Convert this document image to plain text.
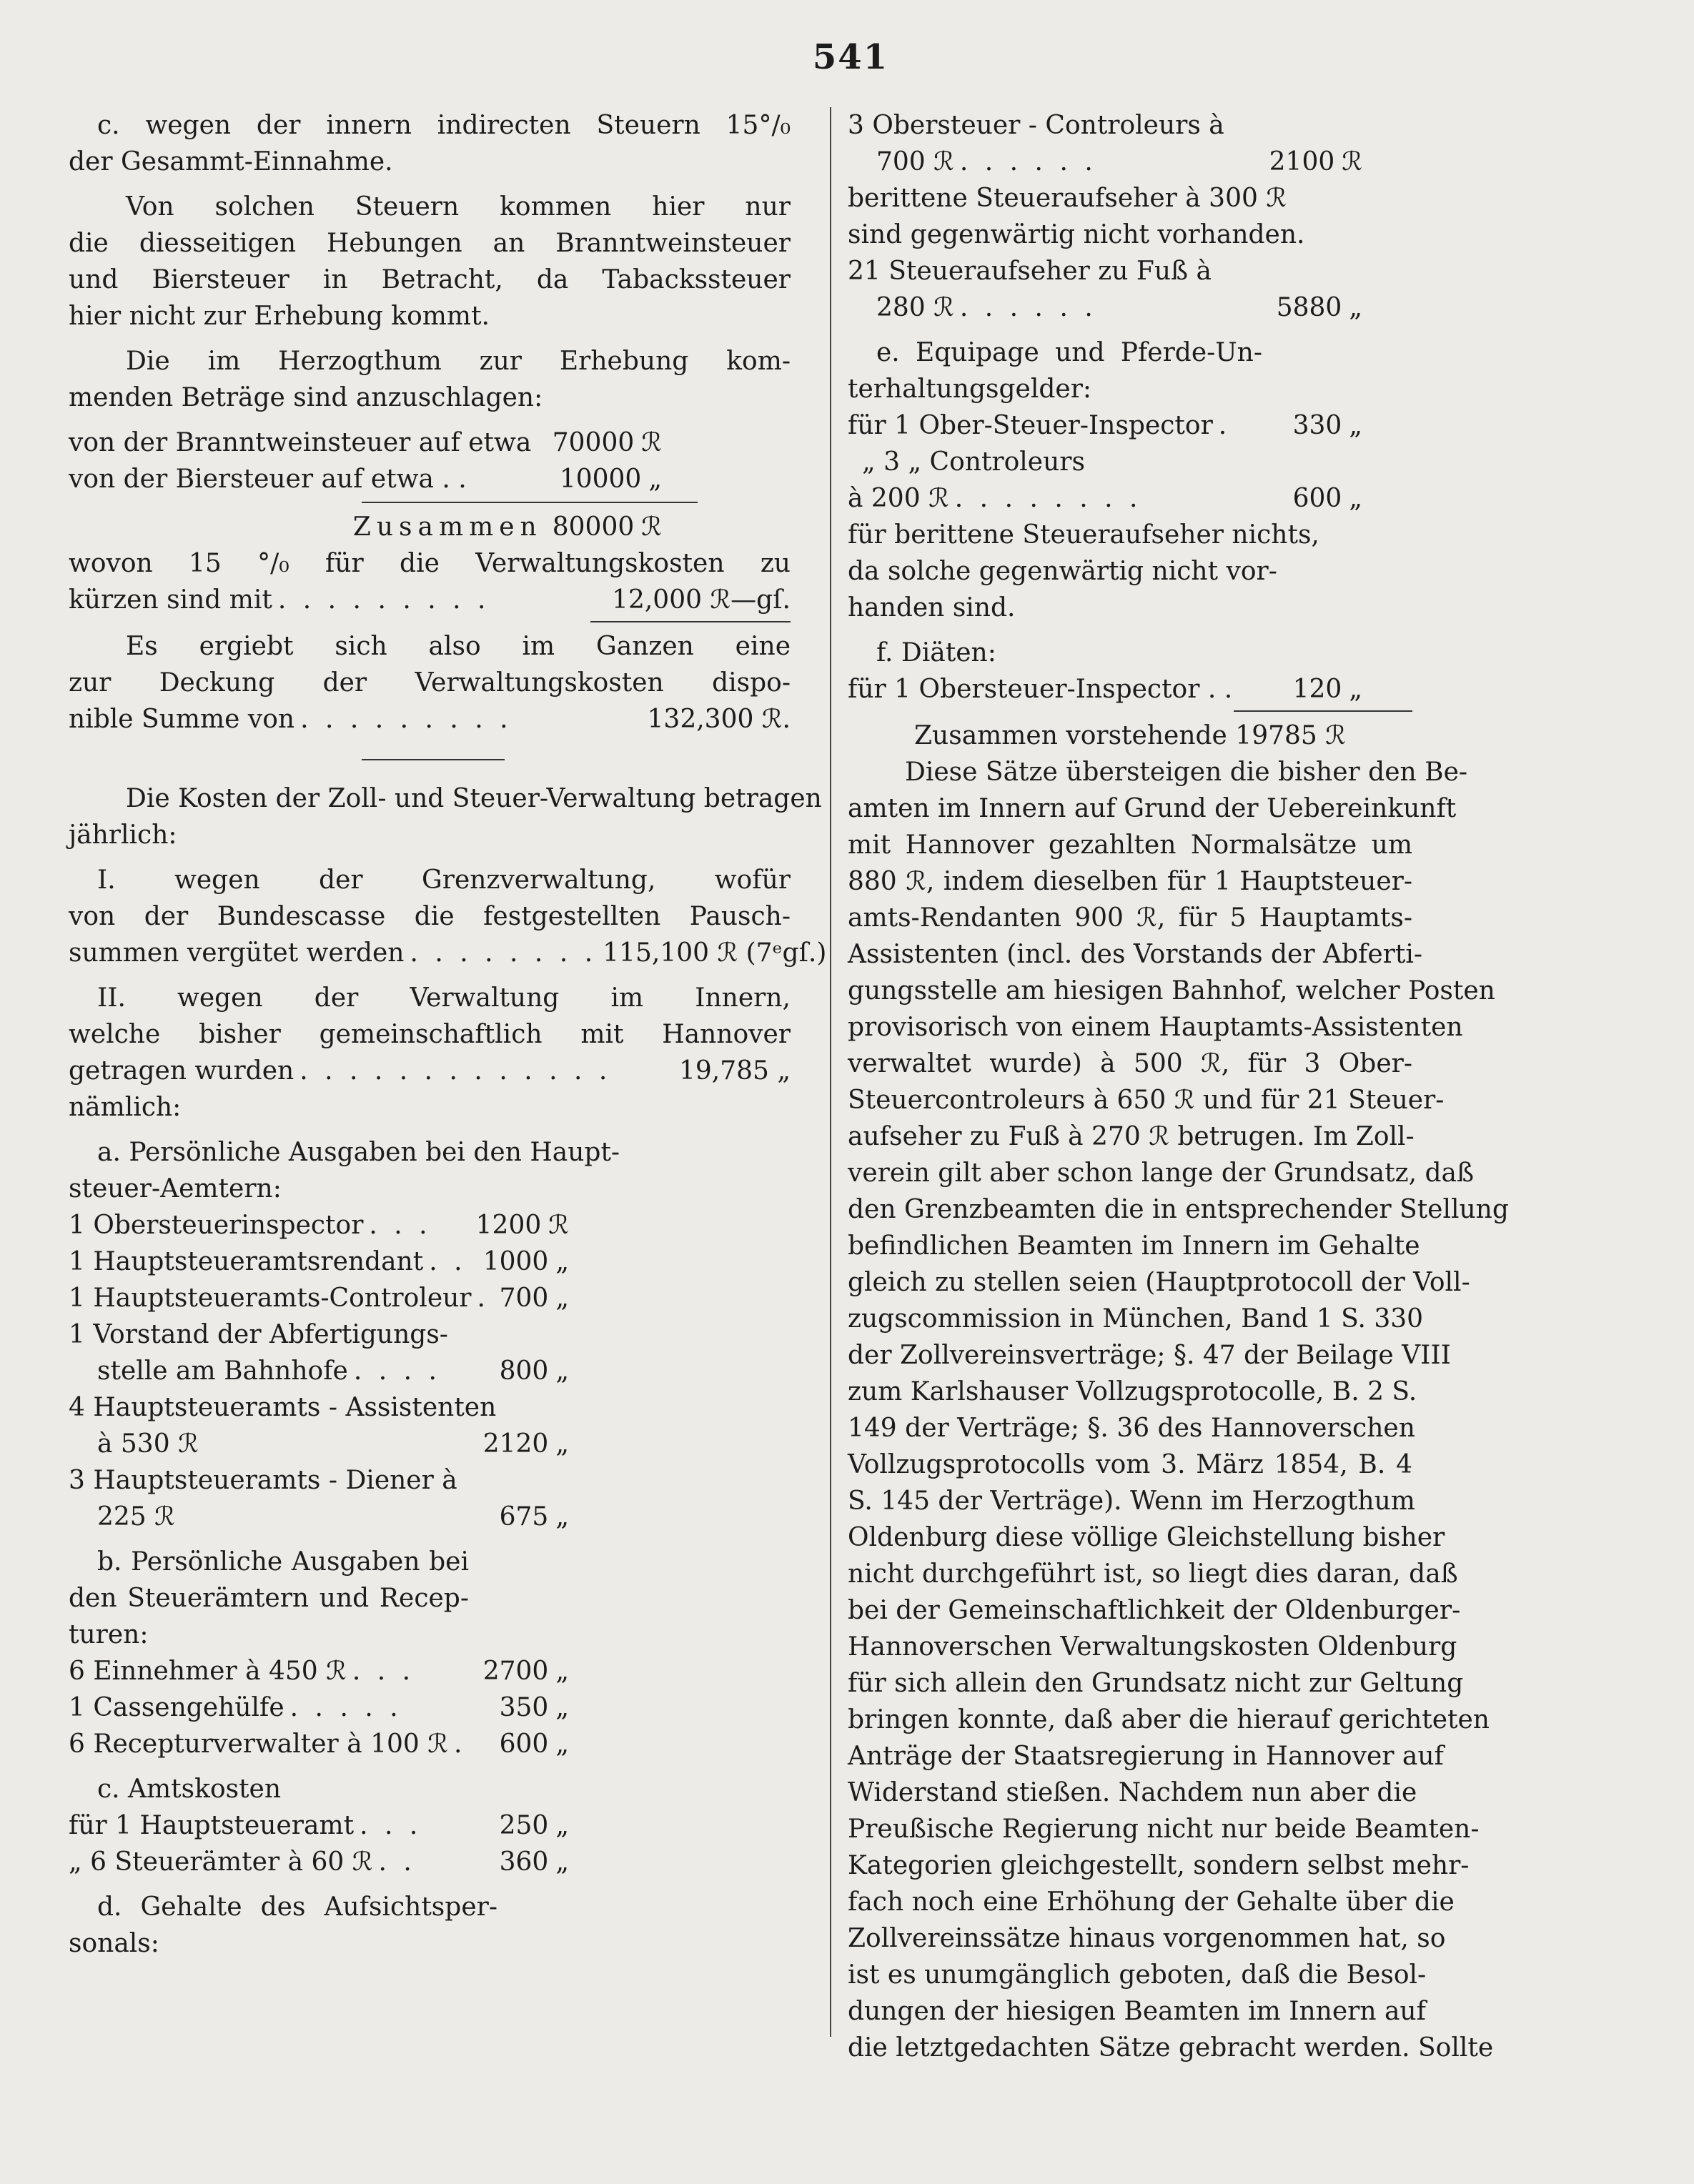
541
c. wegen der innern indirecten Steuern 15°/₀
der Gesammt-Einnahme.
Von solchen Steuern kommen hier nur
die diesseitigen Hebungen an Branntweinsteuer
und Biersteuer in Betracht, da Tabackssteuer
hier nicht zur Erhebung kommt.
Die im Herzogthum zur Erhebung kom-
menden Beträge sind anzuschlagen:
von der Branntweinsteuer auf etwa 70000 ℛ
von der Biersteuer auf etwa . .	10000 „
Zusammen 80000 ℛ
wovon 15 °/₀ für die Verwaltungskosten zu
kürzen sind mit . . . . . . . . .	12,000 ℛ—gſ.
Es ergiebt sich also im Ganzen eine
zur Deckung der Verwaltungskosten dispo-
nible Summe von . . . . . . . . .	132,300 ℛ.
Die Kosten der Zoll- und Steuer-Verwaltung betragen
jährlich:
I. wegen der Grenzverwaltung, wofür
von der Bundescasse die festgestellten Pausch-
summen vergütet werden . . . . . . . . 115,100 ℛ (7ᵉgſ.)
II. wegen der Verwaltung im Innern,
welche bisher gemeinschaftlich mit Hannover
getragen wurden . . . . . . . . . . . . .	19,785 „
nämlich:
a. Persönliche Ausgaben bei den Haupt-
steuer-Aemtern:
1 Obersteuerinspector . . .	1200 ℛ
1 Hauptsteueramtsrendant . . 1000 „
1 Hauptsteueramts-Controleur . 700 „
1 Vorstand der Abfertigungs-
stelle am Bahnhofe . . . .	800 „
4 Hauptsteueramts - Assistenten
à 530 ℛ	2120 „
3 Hauptsteueramts - Diener à
225 ℛ	675 „
b. Persönliche Ausgaben bei
den Steuerämtern und Recep-
turen:
6 Einnehmer à 450 ℛ . . .	2700 „
1 Cassengehülfe . . . . .	350 „
6 Recepturverwalter à 100 ℛ .	600 „
c. Amtskosten
für 1 Hauptsteueramt . . .	250 „
„ 6 Steuerämter à 60 ℛ . .	360 „
d. Gehalte des Aufsichtsper-
sonals:
3 Obersteuer - Controleurs à
700 ℛ . . . . . .	2100 ℛ
berittene Steueraufseher à 300 ℛ
sind gegenwärtig nicht vorhanden.
21 Steueraufseher zu Fuß à
280 ℛ . . . . . .	5880 „
e. Equipage und Pferde-Un-
terhaltungsgelder:
für 1 Ober-Steuer-Inspector .	330 „
„ 3 „ Controleurs
à 200 ℛ . . . . . . . .	600 „
für berittene Steueraufseher nichts,
da solche gegenwärtig nicht vor-
handen sind.
f. Diäten:
für 1 Obersteuer-Inspector . . 120 „
Zusammen vorstehende 19785 ℛ
Diese Sätze übersteigen die bisher den Be-
amten im Innern auf Grund der Uebereinkunft
mit Hannover gezahlten Normalsätze um
880 ℛ, indem dieselben für 1 Hauptsteuer-
amts-Rendanten 900 ℛ, für 5 Hauptamts-
Assistenten (incl. des Vorstands der Abferti-
gungsstelle am hiesigen Bahnhof, welcher Posten
provisorisch von einem Hauptamts-Assistenten
verwaltet wurde) à 500 ℛ, für 3 Ober-
Steuercontroleurs à 650 ℛ und für 21 Steuer-
aufseher zu Fuß à 270 ℛ betrugen. Im Zoll-
verein gilt aber schon lange der Grundsatz, daß
den Grenzbeamten die in entsprechender Stellung
befindlichen Beamten im Innern im Gehalte
gleich zu stellen seien (Hauptprotocoll der Voll-
zugscommission in München, Band 1 S. 330
der Zollvereinsverträge; §. 47 der Beilage VIII
zum Karlshauser Vollzugsprotocolle, B. 2 S.
149 der Verträge; §. 36 des Hannoverschen
Vollzugsprotocolls vom 3. März 1854, B. 4
S. 145 der Verträge). Wenn im Herzogthum
Oldenburg diese völlige Gleichstellung bisher
nicht durchgeführt ist, so liegt dies daran, daß
bei der Gemeinschaftlichkeit der Oldenburger-
Hannoverschen Verwaltungskosten Oldenburg
für sich allein den Grundsatz nicht zur Geltung
bringen konnte, daß aber die hierauf gerichteten
Anträge der Staatsregierung in Hannover auf
Widerstand stießen. Nachdem nun aber die
Preußische Regierung nicht nur beide Beamten-
Kategorien gleichgestellt, sondern selbst mehr-
fach noch eine Erhöhung der Gehalte über die
Zollvereinssätze hinaus vorgenommen hat, so
ist es unumgänglich geboten, daß die Besol-
dungen der hiesigen Beamten im Innern auf
die letztgedachten Sätze gebracht werden. Sollte
